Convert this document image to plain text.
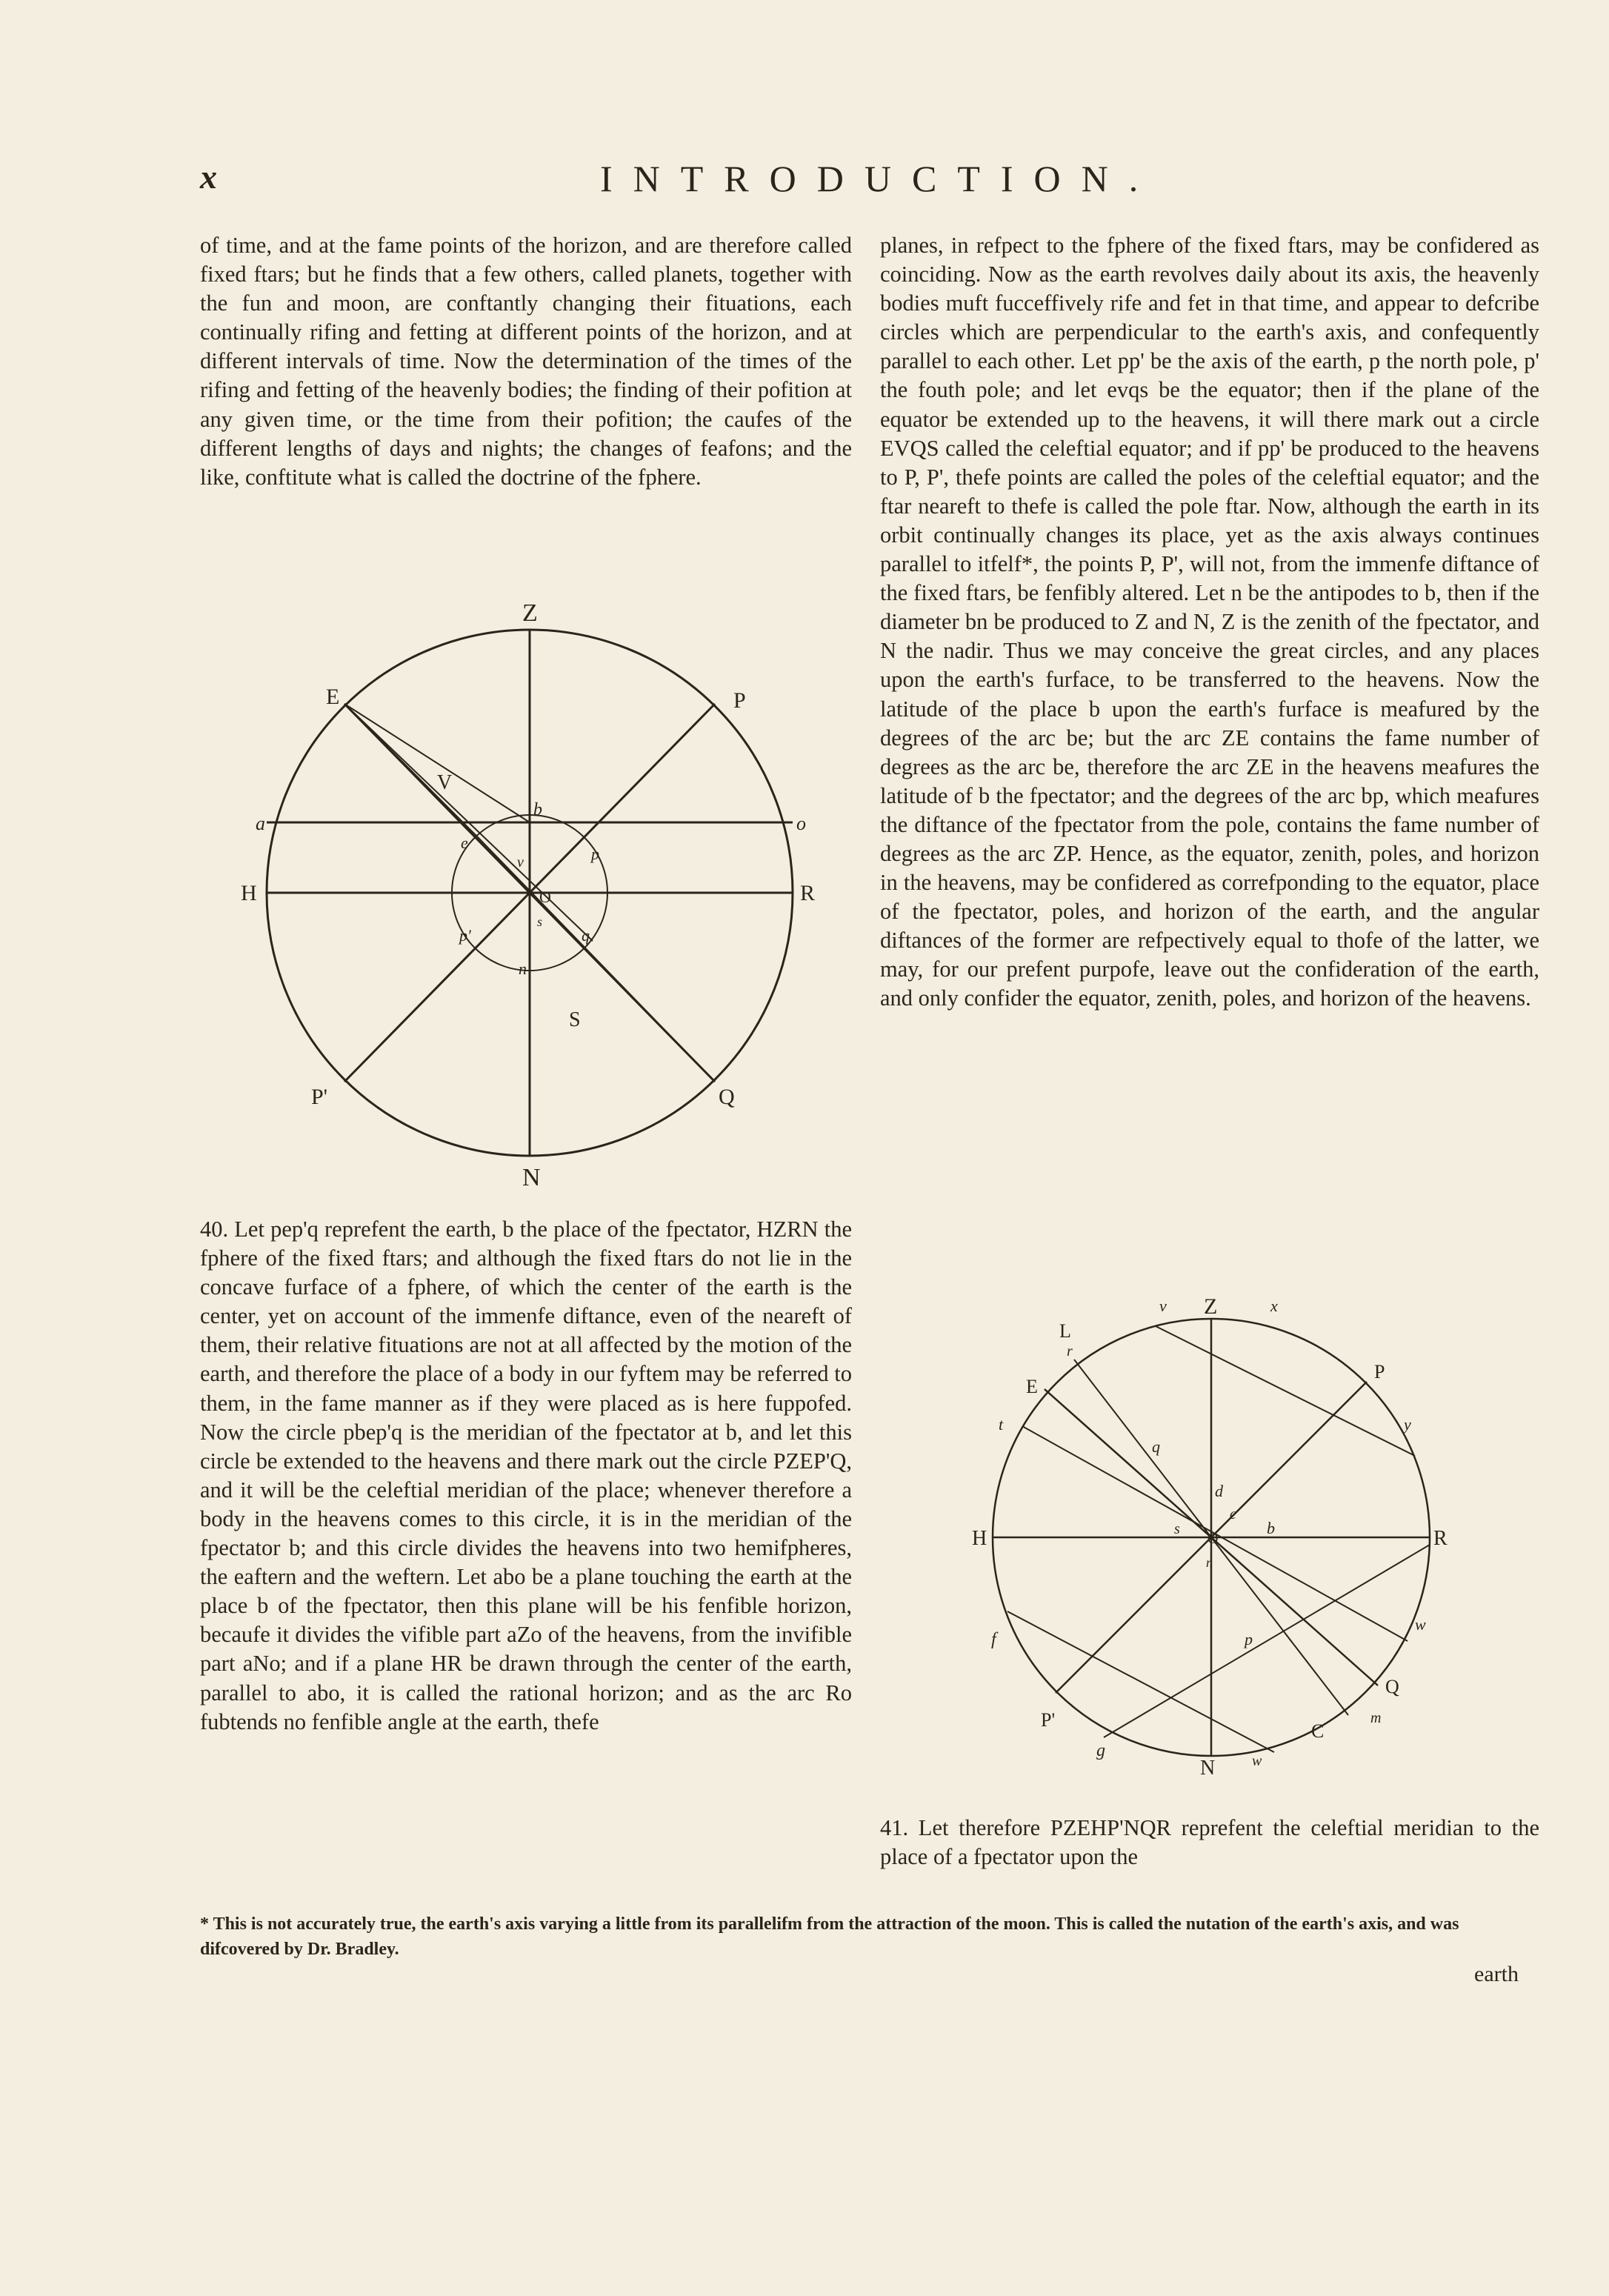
x	INTRODUCTION.

of time, and at the fame points of the horizon, and are therefore called fixed ftars; but he finds that a few others, called planets, together with the fun and moon, are conftantly changing their fituations, each continually rifing and fetting at different points of the horizon, and at different intervals of time. Now the determination of the times of the rifing and fetting of the heavenly bodies; the finding of their pofition at any given time, or the time from their pofition; the caufes of the different lengths of days and nights; the changes of feafons; and the like, conftitute what is called the doctrine of the fphere.

Z
N
E	P
H	R
P'	Q
a	o
V
S
b
e
v	p
q
p'
n
O
s

40. Let pep'q reprefent the earth, b the place of the fpectator, HZRN the fphere of the fixed ftars; and although the fixed ftars do not lie in the concave furface of a fphere, of which the center of the earth is the center, yet on account of the immenfe diftance, even of the neareft of them, their relative fituations are not at all affected by the motion of the earth, and therefore the place of a body in our fyftem may be referred to them, in the fame manner as if they were placed as is here fuppofed. Now the circle pbep'q is the meridian of the fpectator at b, and let this circle be extended to the heavens and there mark out the circle PZEP'Q, and it will be the celeftial meridian of the place; whenever therefore a body in the heavens comes to this circle, it is in the meridian of the fpectator b; and this circle divides the heavens into two hemifpheres, the eaftern and the weftern. Let abo be a plane touching the earth at the place b of the fpectator, then this plane will be his fenfible horizon, becaufe it divides the vifible part aZo of the heavens, from the invifible part aNo; and if a plane HR be drawn through the center of the earth, parallel to abo, it is called the rational horizon; and as the arc Ro fubtends no fenfible angle at the earth, thefe

planes, in refpect to the fphere of the fixed ftars, may be confidered as coinciding. Now as the earth revolves daily about its axis, the heavenly bodies muft fucceffively rife and fet in that time, and appear to defcribe circles which are perpendicular to the earth's axis, and confequently parallel to each other. Let pp' be the axis of the earth, p the north pole, p' the fouth pole; and let evqs be the equator; then if the plane of the equator be extended up to the heavens, it will there mark out a circle EVQS called the celeftial equator; and if pp' be produced to the heavens to P, P', thefe points are called the poles of the celeftial equator; and the ftar neareft to thefe is called the pole ftar. Now, although the earth in its orbit continually changes its place, yet as the axis always continues parallel to itfelf*, the points P, P', will not, from the immenfe diftance of the fixed ftars, be fenfibly altered. Let n be the antipodes to b, then if the diameter bn be produced to Z and N, Z is the zenith of the fpectator, and N the nadir. Thus we may conceive the great circles, and any places upon the earth's furface, to be transferred to the heavens. Now the latitude of the place b upon the earth's furface is meafured by the degrees of the arc be; but the arc ZE contains the fame number of degrees as the arc be, therefore the arc ZE in the heavens meafures the latitude of b the fpectator; and the degrees of the arc bp, which meafures the diftance of the fpectator from the pole, contains the fame number of degrees as the arc ZP. Hence, as the equator, zenith, poles, and horizon in the heavens, may be confidered as correfponding to the equator, place of the fpectator, poles, and horizon of the earth, and the angular diftances of the former are refpectively equal to thofe of the latter, we may, for our prefent purpofe, leave out the confideration of the earth, and only confider the equator, zenith, poles, and horizon of the heavens.

Z
N
H	R
P
P'
E
Q
L
C
v	x
y
r
t
w
f
g
m
w
q
d
c
s	b
O
n
p

41. Let therefore PZEHP'NQR reprefent the celeftial meridian to the place of a fpectator upon the

* This is not accurately true, the earth's axis varying a little from its parallelifm from the attraction of the moon. This is called the nutation of the earth's axis, and was difcovered by Dr. Bradley.
earth
